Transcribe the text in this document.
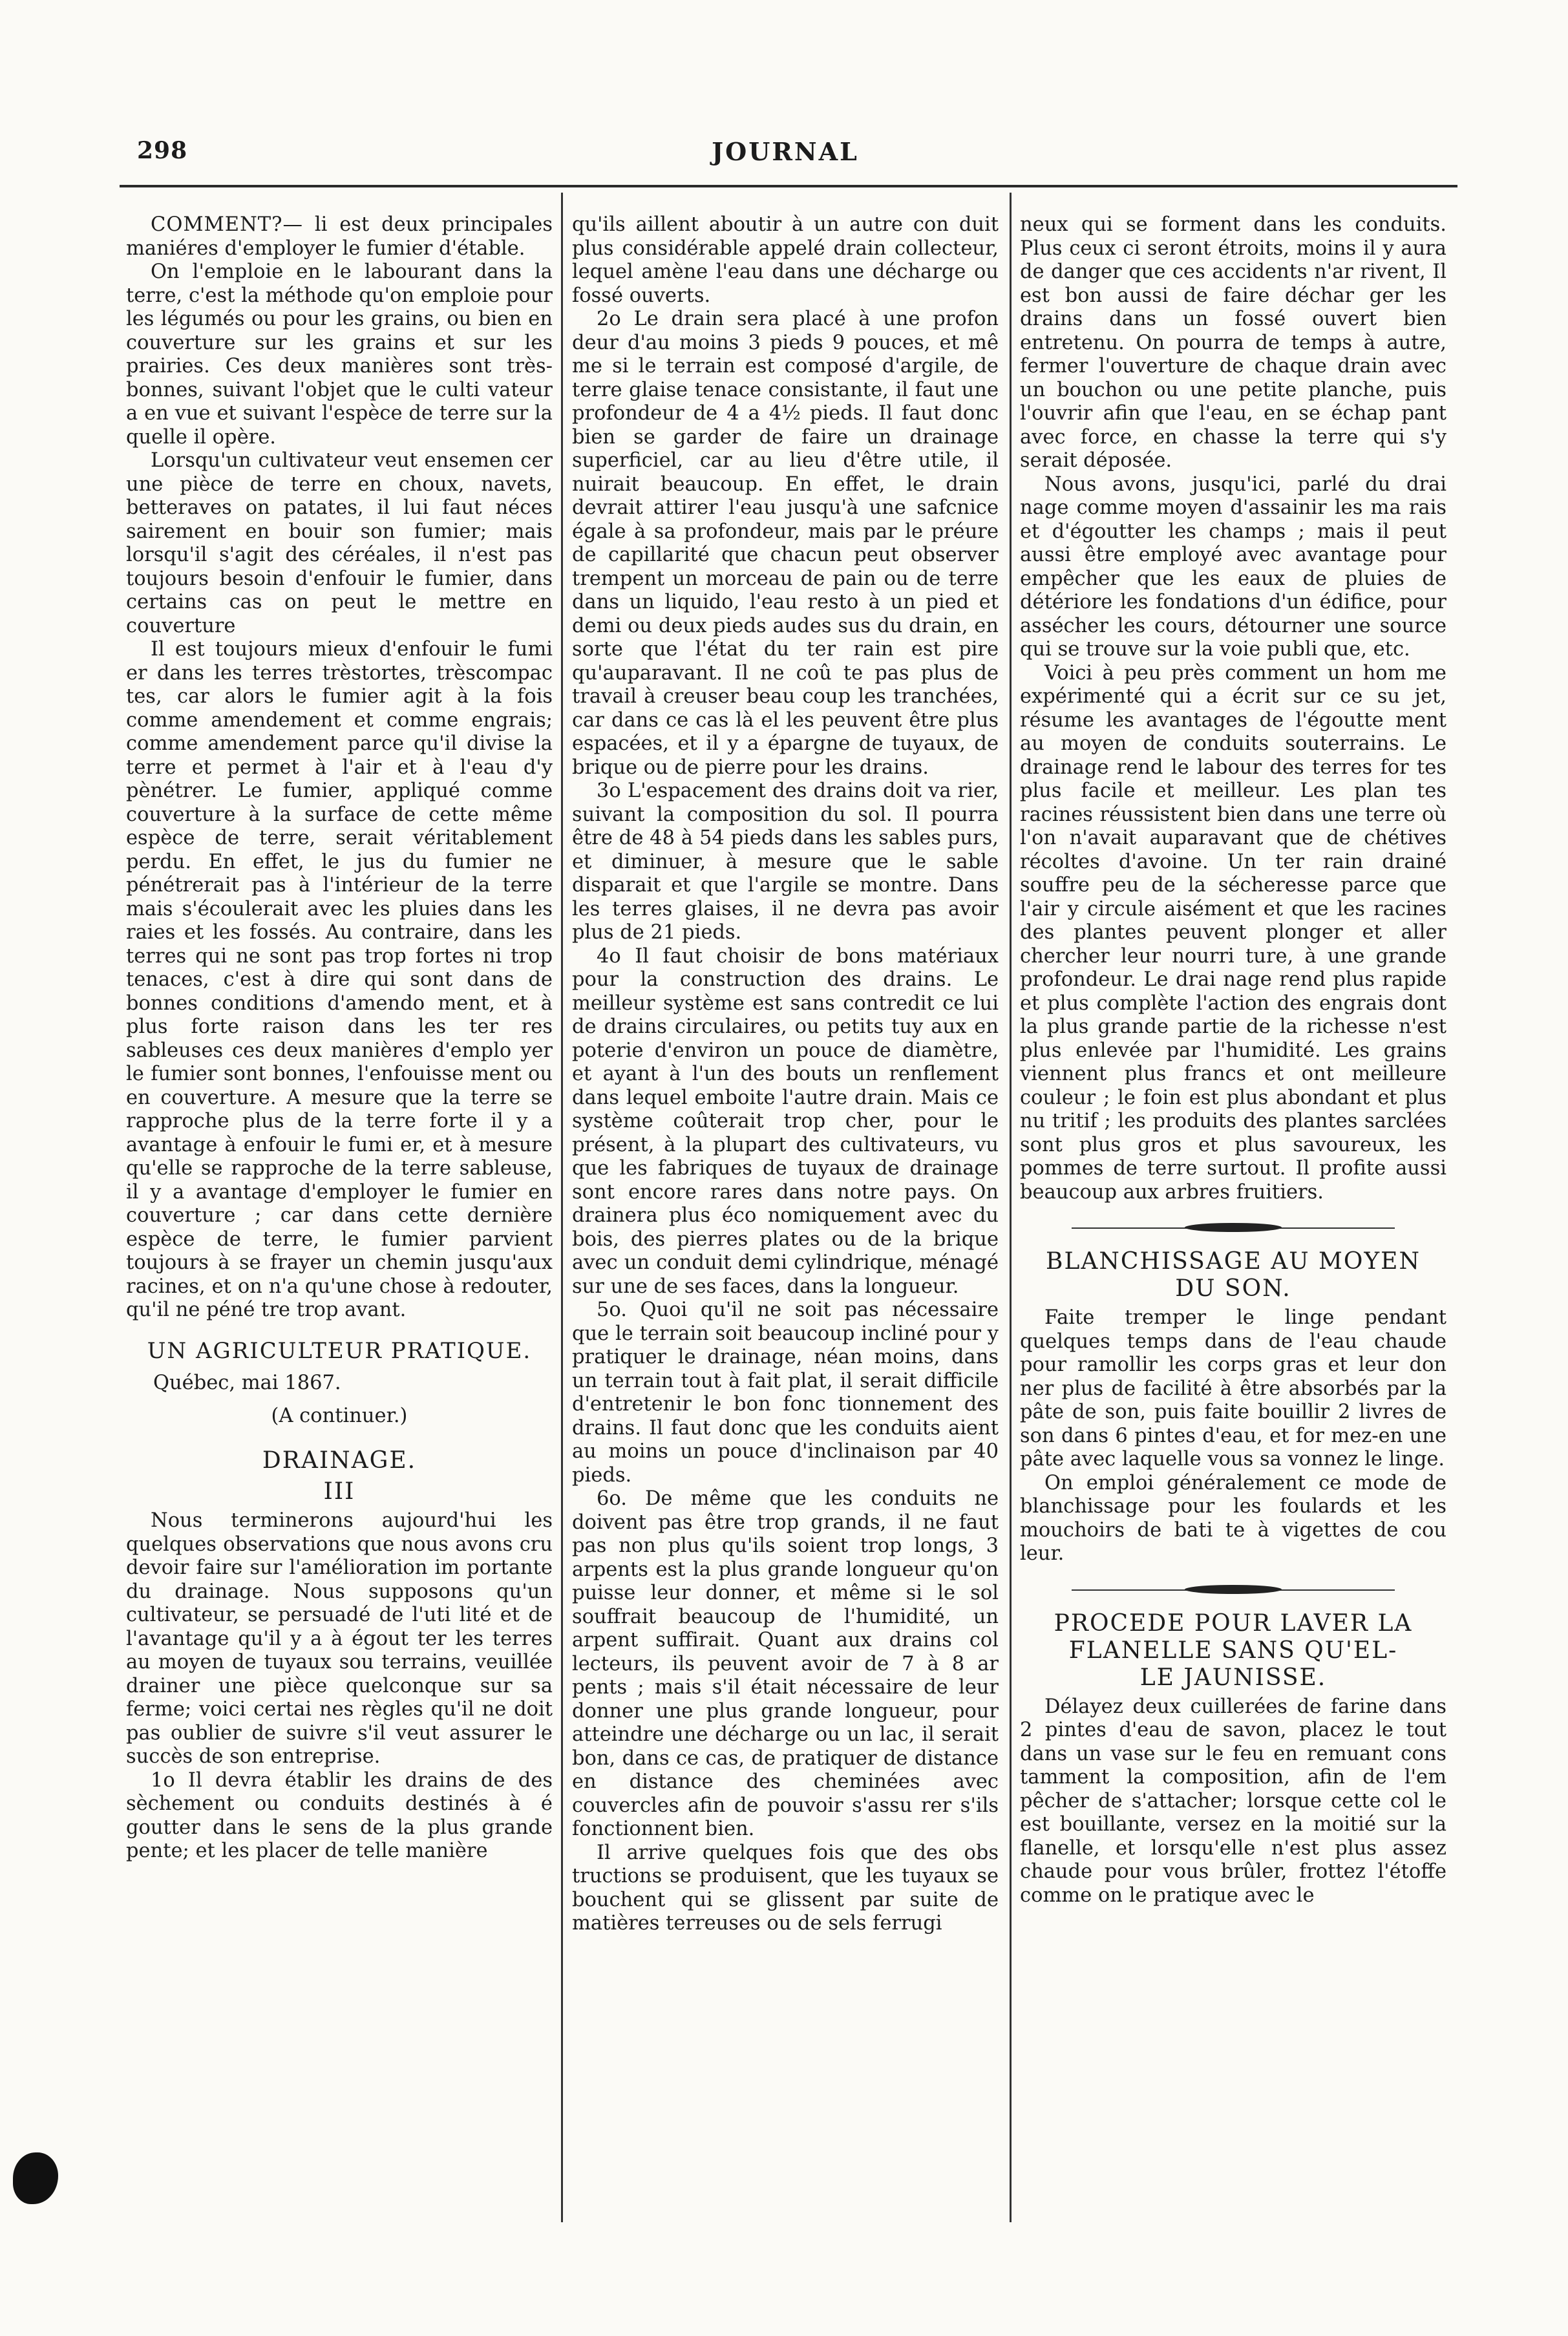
298	JOURNAL

COMMENT?— li est deux principales maniéres d'employer le fumier d'étable.

On l'emploie en le labourant dans la terre, c'est la méthode qu'on emploie pour les légumés ou pour les grains, ou bien en couverture sur les grains et sur les prairies. Ces deux manières sont très-bonnes, suivant l'objet que le culti vateur a en vue et suivant l'espèce de terre sur la quelle il opère.

Lorsqu'un cultivateur veut ensemen cer une pièce de terre en choux, navets, betteraves on patates, il lui faut néces sairement en bouir son fumier; mais lorsqu'il s'agit des céréales, il n'est pas toujours besoin d'enfouir le fumier, dans certains cas on peut le mettre en couverture

Il est toujours mieux d'enfouir le fumi er dans les terres trèstortes, trèscompac tes, car alors le fumier agit à la fois comme amendement et comme engrais; comme amendement parce qu'il divise la terre et permet à l'air et à l'eau d'y pènétrer. Le fumier, appliqué comme couverture à la surface de cette même espèce de terre, serait véritablement perdu. En effet, le jus du fumier ne pénétrerait pas à l'intérieur de la terre mais s'écoulerait avec les pluies dans les raies et les fossés. Au contraire, dans les terres qui ne sont pas trop fortes ni trop tenaces, c'est à dire qui sont dans de bonnes conditions d'amendo ment, et à plus forte raison dans les ter res sableuses ces deux manières d'emplo yer le fumier sont bonnes, l'enfouisse ment ou en couverture. A mesure que la terre se rapproche plus de la terre forte il y a avantage à enfouir le fumi er, et à mesure qu'elle se rapproche de la terre sableuse, il y a avantage d'employer le fumier en couverture ; car dans cette dernière espèce de terre, le fumier parvient toujours à se frayer un chemin jusqu'aux racines, et on n'a qu'une chose à redouter, qu'il ne péné tre trop avant.

UN AGRICULTEUR PRATIQUE.

Québec, mai 1867.

(A continuer.)

DRAINAGE.

III

Nous terminerons aujourd'hui les quelques observations que nous avons cru devoir faire sur l'amélioration im portante du drainage. Nous supposons qu'un cultivateur, se persuadé de l'uti lité et de l'avantage qu'il y a à égout ter les terres au moyen de tuyaux sou terrains, veuillée drainer une pièce quelconque sur sa ferme; voici certai nes règles qu'il ne doit pas oublier de suivre s'il veut assurer le succès de son entreprise.

1o Il devra établir les drains de des sèchement ou conduits destinés à é goutter dans le sens de la plus grande pente; et les placer de telle manière

qu'ils aillent aboutir à un autre con duit plus considérable appelé drain collecteur, lequel amène l'eau dans une décharge ou fossé ouverts.

2o Le drain sera placé à une profon deur d'au moins 3 pieds 9 pouces, et mê me si le terrain est composé d'argile, de terre glaise tenace consistante, il faut une profondeur de 4 a 4½ pieds. Il faut donc bien se garder de faire un drainage superficiel, car au lieu d'être utile, il nuirait beaucoup. En effet, le drain devrait attirer l'eau jusqu'à une safcnice égale à sa profondeur, mais par le préure de capillarité que chacun peut observer trempent un morceau de pain ou de terre dans un liquido, l'eau resto à un pied et demi ou deux pieds audes sus du drain, en sorte que l'état du ter rain est pire qu'auparavant. Il ne coû te pas plus de travail à creuser beau coup les tranchées, car dans ce cas là el les peuvent être plus espacées, et il y a épargne de tuyaux, de brique ou de pierre pour les drains.

3o L'espacement des drains doit va rier, suivant la composition du sol. Il pourra être de 48 à 54 pieds dans les sables purs, et diminuer, à mesure que le sable disparait et que l'argile se montre. Dans les terres glaises, il ne devra pas avoir plus de 21 pieds.

4o Il faut choisir de bons matériaux pour la construction des drains. Le meilleur système est sans contredit ce lui de drains circulaires, ou petits tuy aux en poterie d'environ un pouce de diamètre, et ayant à l'un des bouts un renflement dans lequel emboite l'autre drain. Mais ce système coûterait trop cher, pour le présent, à la plupart des cultivateurs, vu que les fabriques de tuyaux de drainage sont encore rares dans notre pays. On drainera plus éco nomiquement avec du bois, des pierres plates ou de la brique avec un conduit demi cylindrique, ménagé sur une de ses faces, dans la longueur.

5o. Quoi qu'il ne soit pas nécessaire que le terrain soit beaucoup incliné pour y pratiquer le drainage, néan moins, dans un terrain tout à fait plat, il serait difficile d'entretenir le bon fonc tionnement des drains. Il faut donc que les conduits aient au moins un pouce d'inclinaison par 40 pieds.

6o. De même que les conduits ne doivent pas être trop grands, il ne faut pas non plus qu'ils soient trop longs, 3 arpents est la plus grande longueur qu'on puisse leur donner, et même si le sol souffrait beaucoup de l'humidité, un arpent suffirait. Quant aux drains col lecteurs, ils peuvent avoir de 7 à 8 ar pents ; mais s'il était nécessaire de leur donner une plus grande longueur, pour atteindre une décharge ou un lac, il serait bon, dans ce cas, de pratiquer de distance en distance des cheminées avec couvercles afin de pouvoir s'assu rer s'ils fonctionnent bien.

Il arrive quelques fois que des obs tructions se produisent, que les tuyaux se bouchent qui se glissent par suite de matières terreuses ou de sels ferrugi

neux qui se forment dans les conduits. Plus ceux ci seront étroits, moins il y aura de danger que ces accidents n'ar rivent, Il est bon aussi de faire déchar ger les drains dans un fossé ouvert bien entretenu. On pourra de temps à autre, fermer l'ouverture de chaque drain avec un bouchon ou une petite planche, puis l'ouvrir afin que l'eau, en se échap pant avec force, en chasse la terre qui s'y serait déposée.

Nous avons, jusqu'ici, parlé du drai nage comme moyen d'assainir les ma rais et d'égoutter les champs ; mais il peut aussi être employé avec avantage pour empêcher que les eaux de pluies de détériore les fondations d'un édifice, pour assécher les cours, détourner une source qui se trouve sur la voie publi que, etc.

Voici à peu près comment un hom me expérimenté qui a écrit sur ce su jet, résume les avantages de l'égoutte ment au moyen de conduits souterrains. Le drainage rend le labour des terres for tes plus facile et meilleur. Les plan tes racines réussistent bien dans une terre où l'on n'avait auparavant que de chétives récoltes d'avoine. Un ter rain drainé souffre peu de la sécheresse parce que l'air y circule aisément et que les racines des plantes peuvent plonger et aller chercher leur nourri ture, à une grande profondeur. Le drai nage rend plus rapide et plus complète l'action des engrais dont la plus grande partie de la richesse n'est plus enlevée par l'humidité. Les grains viennent plus francs et ont meilleure couleur ; le foin est plus abondant et plus nu tritif ; les produits des plantes sarclées sont plus gros et plus savoureux, les pommes de terre surtout. Il profite aussi beaucoup aux arbres fruitiers.

BLANCHISSAGE AU MOYEN

DU SON.

Faite tremper le linge pendant quelques temps dans de l'eau chaude pour ramollir les corps gras et leur don ner plus de facilité à être absorbés par la pâte de son, puis faite bouillir 2 livres de son dans 6 pintes d'eau, et for mez-en une pâte avec laquelle vous sa vonnez le linge.

On emploi généralement ce mode de blanchissage pour les foulards et les mouchoirs de bati te à vigettes de cou leur.

PROCEDE POUR LAVER LA

FLANELLE SANS QU'EL-

LE JAUNISSE.

Délayez deux cuillerées de farine dans 2 pintes d'eau de savon, placez le tout dans un vase sur le feu en remuant cons tamment la composition, afin de l'em pêcher de s'attacher; lorsque cette col le est bouillante, versez en la moitié sur la flanelle, et lorsqu'elle n'est plus assez chaude pour vous brûler, frottez l'étoffe comme on le pratique avec le
